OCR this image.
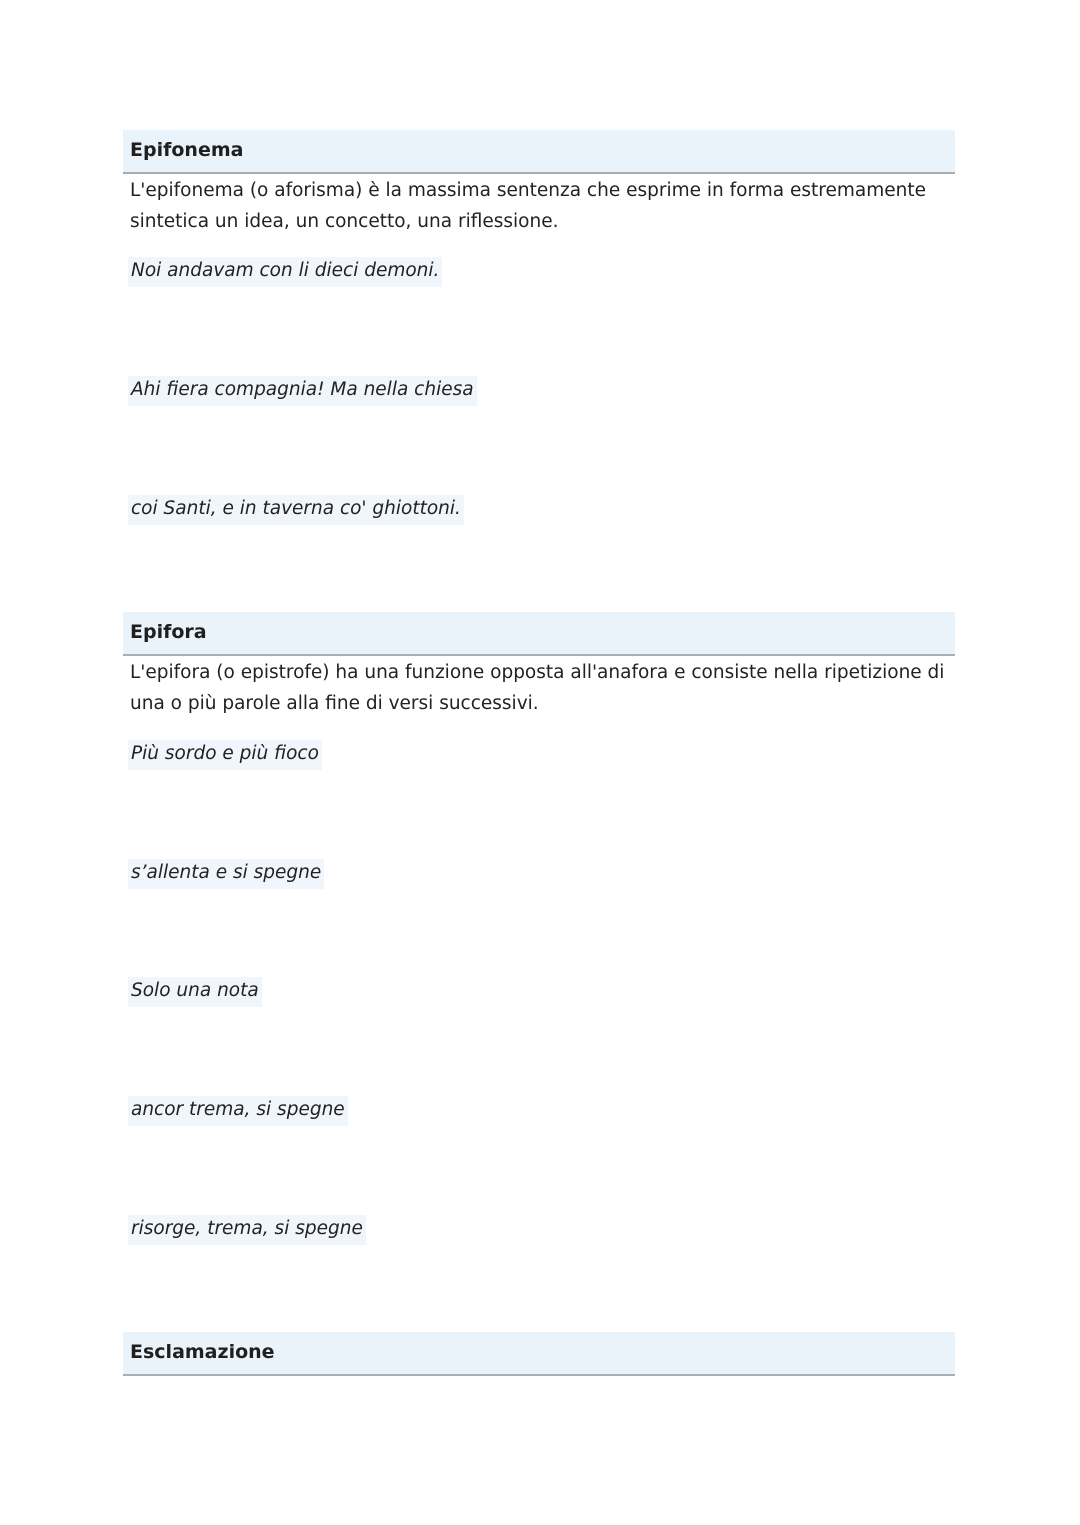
Epifonema
L'epifonema (o aforisma) è la massima sentenza che esprime in forma estremamente sintetica un idea, un concetto, una riflessione.
Noi andavam con li dieci demoni.
Ahi fiera compagnia! Ma nella chiesa
coi Santi, e in taverna co' ghiottoni.
Epifora
L'epifora (o epistrofe) ha una funzione opposta all'anafora e consiste nella ripetizione di una o più parole alla fine di versi successivi.
Più sordo e più fioco
s’allenta e si spegne
Solo una nota
ancor trema, si spegne
risorge, trema, si spegne
Esclamazione
